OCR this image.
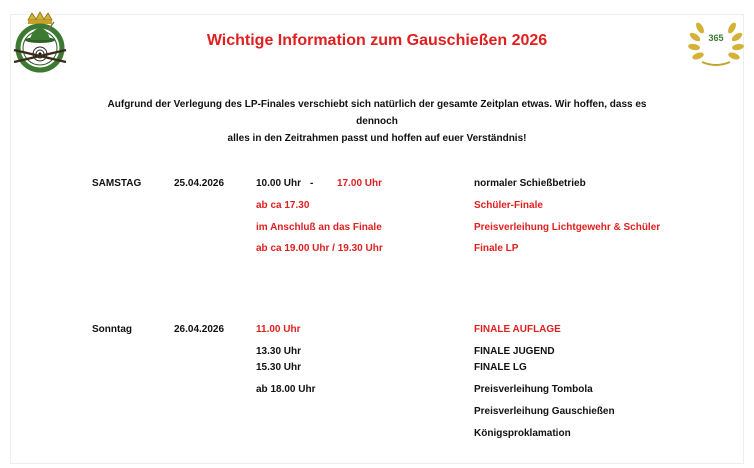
365
Wichtige Information zum Gauschießen 2026
Aufgrund der Verlegung des LP-Finales verschiebt sich natürlich der gesamte Zeitplan etwas. Wir hoffen, dass es dennoch
alles in den Zeitrahmen passt und hoffen auf euer Verständnis!
SAMSTAG	25.04.2026	10.00 Uhr - 17.00 Uhr	normaler Schießbetrieb
ab ca 17.30	Schüler-Finale
im Anschluß an das Finale	Preisverleihung Lichtgewehr & Schüler
ab ca 19.00 Uhr / 19.30 Uhr	Finale LP
Sonntag	26.04.2026	11.00 Uhr	FINALE AUFLAGE
13.30 Uhr	FINALE JUGEND
15.30 Uhr	FINALE LG
ab 18.00 Uhr	Preisverleihung Tombola
Preisverleihung Gauschießen
Königsproklamation
